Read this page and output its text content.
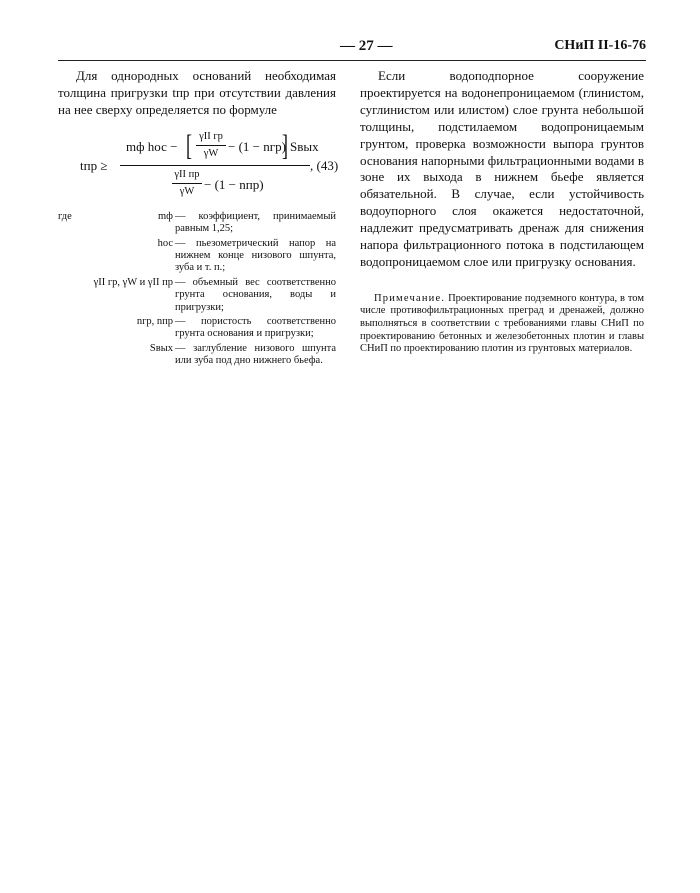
— 27 —	СНиП II-16-76

Для однородных оснований необходимая толщина пригрузки tпр при отсутствии давления на нее сверху определяется по формуле

tпр ≥
mф hос − [ γII гр
γW − (1 − nгр)
] Sвых
γII пр
γW − (1 − nпр)
, (43)
где	mф — коэффициент, принимаемый равным 1,25;
hос — пьезометрический напор на нижнем конце низового шпунта, зуба и т. п.;
γII гр, γW и γII пр — объемный вес соответственно грунта основания, воды и пригрузки;
nгр, nпр — пористость соответственно грунта основания и пригрузки;
Sвых — заглубление низового шпунта или зуба под дно нижнего бьефа.

Если водоподпорное сооружение проектируется на водонепроницаемом (глинистом, суглинистом или илистом) слое грунта небольшой толщины, подстилаемом водопроницаемым грунтом, проверка возможности выпора грунтов основания напорными фильтрационными водами в зоне их выхода в нижнем бьефе является обязательной. В случае, если устойчивость водоупорного слоя окажется недостаточной, надлежит предусматривать дренаж для снижения напора фильтрационного потока в подстилающем водопроницаемом слое или пригрузку основания.

Примечание. Проектирование подземного контура, в том числе противофильтрационных преград и дренажей, должно выполняться в соответствии с требованиями главы СНиП по проектированию бетонных и железобетонных плотин и главы СНиП по проектированию плотин из грунтовых материалов.
